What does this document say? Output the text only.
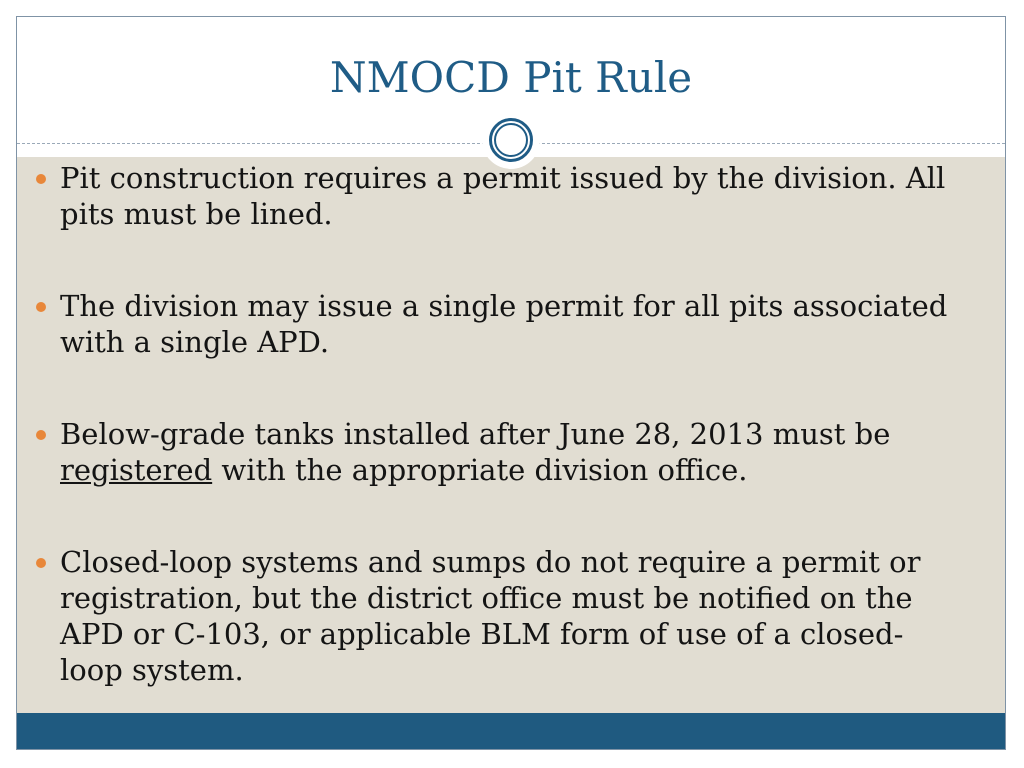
NMOCD Pit Rule
Pit construction requires a permit issued by the division. All pits must be lined.
The division may issue a single permit for all pits associated with a single APD.
Below-grade tanks installed after June 28, 2013 must be registered with the appropriate division office.
Closed-loop systems and sumps do not require a permit or registration, but the district office must be notified on the APD or C-103, or applicable BLM form of use of a closed-loop system.
